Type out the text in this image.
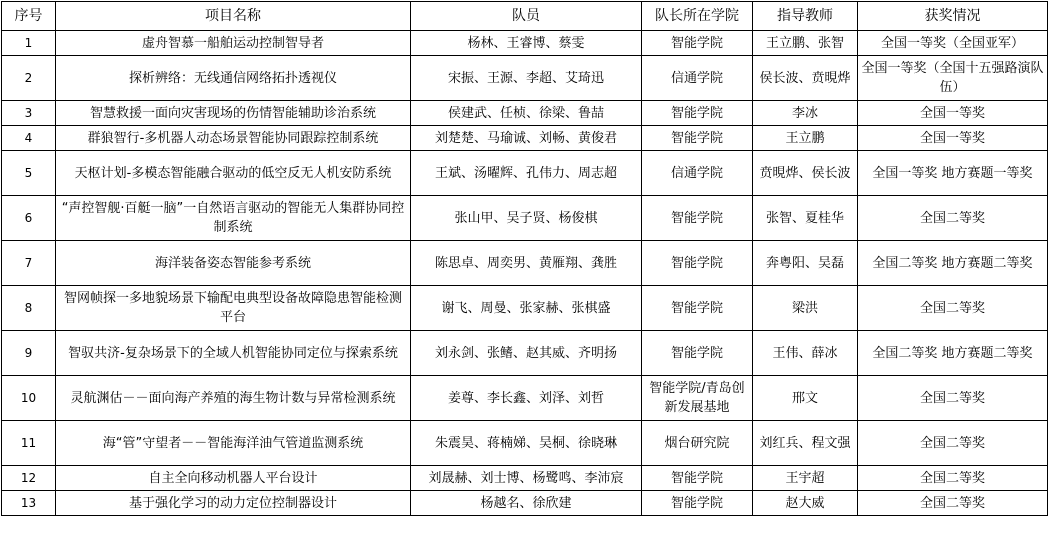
序号	项目名称	队员	队长所在学院	指导教师	获奖情况
1	虚舟智慕一船舶运动控制智导者	杨林、王睿博、蔡雯	智能学院	王立鹏、张智	全国一等奖（全国亚军）
2	探析辨络：无线通信网络拓扑透视仪	宋振、王源、李超、艾琦迅	信通学院	侯长波、贲晛烨	全国一等奖（全国十五强路演队伍）
3	智慧救援一面向灾害现场的伤情智能辅助诊治系统	侯建武、任桢、徐梁、鲁喆	智能学院	李冰	全国一等奖
4	群狼智行-多机器人动态场景智能协同跟踪控制系统	刘楚楚、马瑜诚、刘畅、黄俊君	智能学院	王立鹏	全国一等奖
5	天枢计划-多模态智能融合驱动的低空反无人机安防系统	王斌、汤曜辉、孔伟力、周志超	信通学院	贲晛烨、侯长波	全国一等奖 地方赛题一等奖
6	“声控智舰·百艇一脑”一自然语言驱动的智能无人集群协同控制系统	张山甲、吴子贤、杨俊棋	智能学院	张智、夏桂华	全国二等奖
7	海洋装备姿态智能参考系统	陈思卓、周奕男、黄雁翔、龚胜	智能学院	奔粤阳、吴磊	全国二等奖 地方赛题二等奖
8	智网帧探一多地貌场景下输配电典型设备故障隐患智能检测平台	谢飞、周曼、张家赫、张棋盛	智能学院	梁洪	全国二等奖
9	智驭共济-复杂场景下的全域人机智能协同定位与探索系统	刘永剑、张鳍、赵其威、齐明扬	智能学院	王伟、薛冰	全国二等奖 地方赛题二等奖
10	灵航渊估－－面向海产养殖的海生物计数与异常检测系统	姜尊、李长鑫、刘泽、刘哲	智能学院/青岛创新发展基地	邢文	全国二等奖
11	海“管”守望者－－智能海洋油气管道监测系统	朱震昊、蒋楠娣、吴桐、徐晓琳	烟台研究院	刘红兵、程文强	全国二等奖
12	自主全向移动机器人平台设计	刘晟赫、刘士博、杨鹭鸣、李沛宸	智能学院	王宇超	全国二等奖
13	基于强化学习的动力定位控制器设计	杨越名、徐欣建	智能学院	赵大威	全国二等奖
